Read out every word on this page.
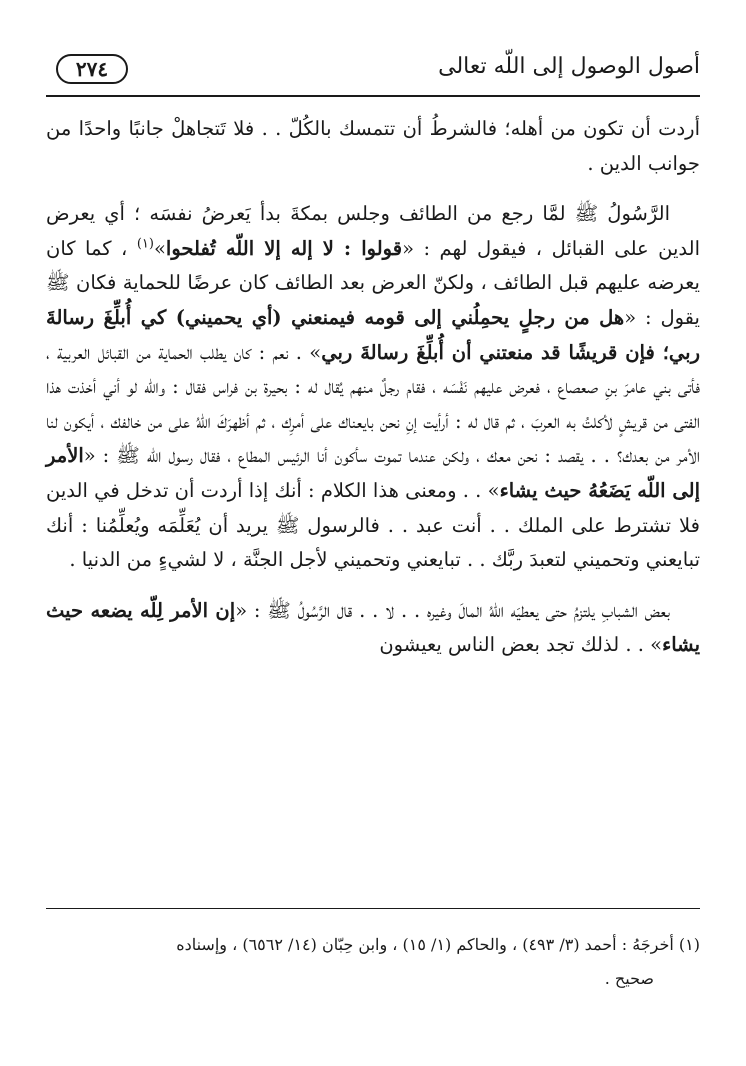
أصول الوصول إلى اللّه تعالى
٢٧٤

أردت أن تكون من أهله؛ فالشرطُ أن تتمسك بالكُلّ . . فلا تَتجاهلْ جانبًا واحدًا من جوانب الدين .

الرَّسُولُ ﷺ لمَّا رجع من الطائف وجلس بمكةَ بدأ يَعرضُ نفسَه ؛ أي يعرض الدين على القبائل ، فيقول لهم : «قولوا : لا إله إلا اللّه تُفلحوا»$^{(١)}$ ، كما كان يعرضه عليهم قبل الطائف ، ولكنّ العرض بعد الطائف كان عرضًا للحماية فكان ﷺ يقول : «هل من رجلٍ يحمِلُني إلى قومه فيمنعني (أي يحميني) كي أُبلِّغَ رسالةَ ربي؛ فإن قريشًا قد منعتني أن أُبلِّغَ رسالةَ ربي» . نعم : كان يطلب الحماية من القبائل العربية ، فأتى بني عامرَ بنِ صعصاع ، فعرض عليهم نَفْسَه ، فقام رجلٌ منهم يُقال له : بحيرة بن فراس فقال : واللّه لو أني أخذت هذا الفتى من قريشٍ لأكلتُ به العربَ ، ثم قال له : أرأيت إنِ نحن بايعناك على أمرِك ، ثم أظهرَكَ اللّهُ على من خالفك ، أيكون لنا الأمر من بعدك؟ . . يقصد : نحن معك ، ولكن عندما تموت سأكون أنا الرئيس المطاع ، فقال رسول اللّه ﷺ : «الأمر إلى اللّه يَضَعُهُ حيث يشاء» . . ومعنى هذا الكلام : أنك إذا أردت أن تدخل في الدين فلا تشترط على الملك . . أنت عبد . . فالرسول ﷺ يريد أن يُعَلِّمَه ويُعلِّمُنا : أنك تبايعني وتحميني لتعبدَ ربَّك . . تبايعني وتحميني لأجل الجنَّة ، لا لشيءٍ من الدنيا .

بعض الشبابِ يلتزمُ حتى يعطيَه اللّهُ المالَ وغيره . . لا . . قال الرَّسُولُ ﷺ : «إن الأمر لِلّه يضعه حيث يشاء» . . لذلك تجد بعض الناس يعيشون

(١) أخرجَهُ : أحمد (٣/ ٤٩٣) ، والحاكم (١/ ١٥) ، وابن حِبّان (١٤/ ٦٥٦٢) ، وإسناده

صحيح .
